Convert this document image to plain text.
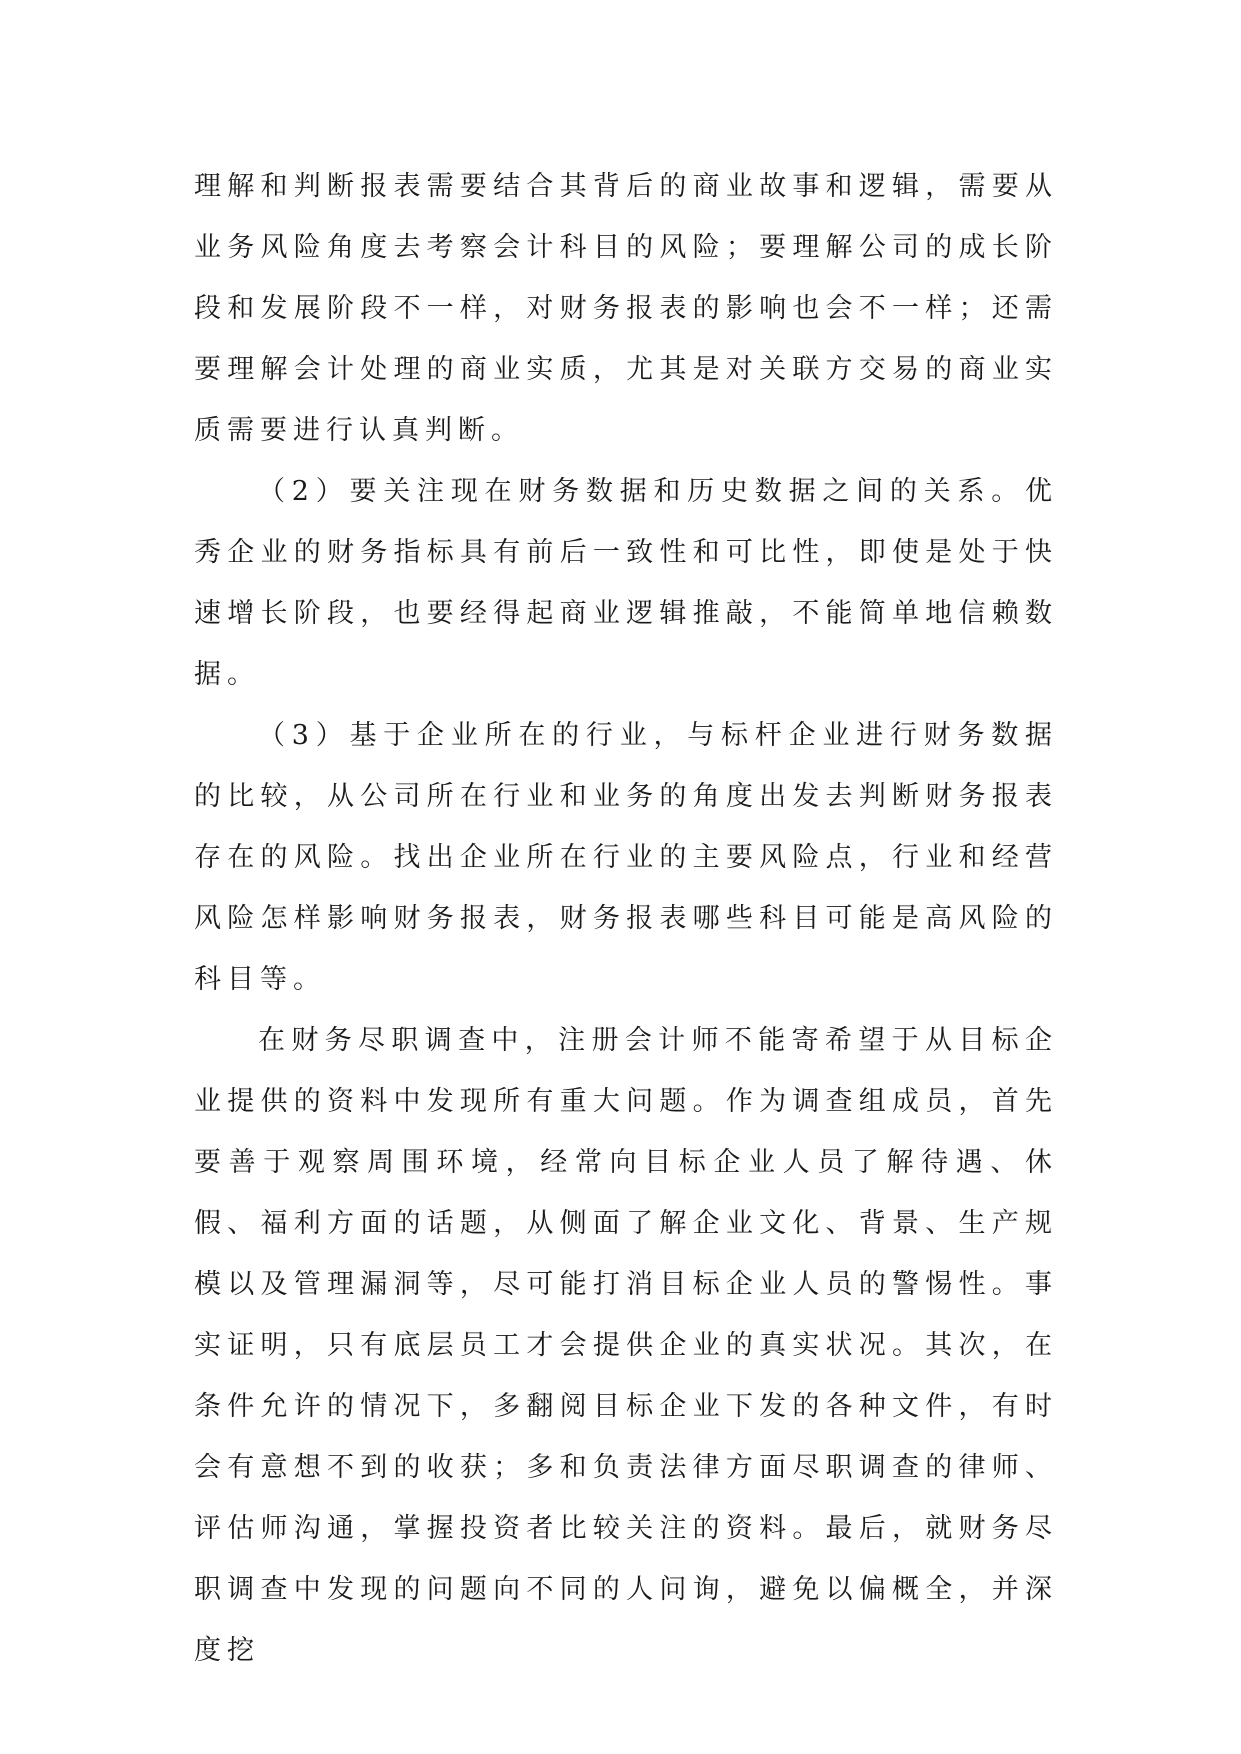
理解和判断报表需要结合其背后的商业故事和逻辑，需要从业务风险角度去考察会计科目的风险；要理解公司的成长阶段和发展阶段不一样，对财务报表的影响也会不一样；还需要理解会计处理的商业实质，尤其是对关联方交易的商业实质需要进行认真判断。

（2）要关注现在财务数据和历史数据之间的关系。优秀企业的财务指标具有前后一致性和可比性，即使是处于快速增长阶段，也要经得起商业逻辑推敲，不能简单地信赖数据。

（3）基于企业所在的行业，与标杆企业进行财务数据的比较，从公司所在行业和业务的角度出发去判断财务报表存在的风险。找出企业所在行业的主要风险点，行业和经营风险怎样影响财务报表，财务报表哪些科目可能是高风险的科目等。

在财务尽职调查中，注册会计师不能寄希望于从目标企业提供的资料中发现所有重大问题。作为调查组成员，首先要善于观察周围环境，经常向目标企业人员了解待遇、休假、福利方面的话题，从侧面了解企业文化、背景、生产规模以及管理漏洞等，尽可能打消目标企业人员的警惕性。事实证明，只有底层员工才会提供企业的真实状况。其次，在条件允许的情况下，多翻阅目标企业下发的各种文件，有时会有意想不到的收获；多和负责法律方面尽职调查的律师、评估师沟通，掌握投资者比较关注的资料。最后，就财务尽职调查中发现的问题向不同的人问询，避免以偏概全，并深度挖
